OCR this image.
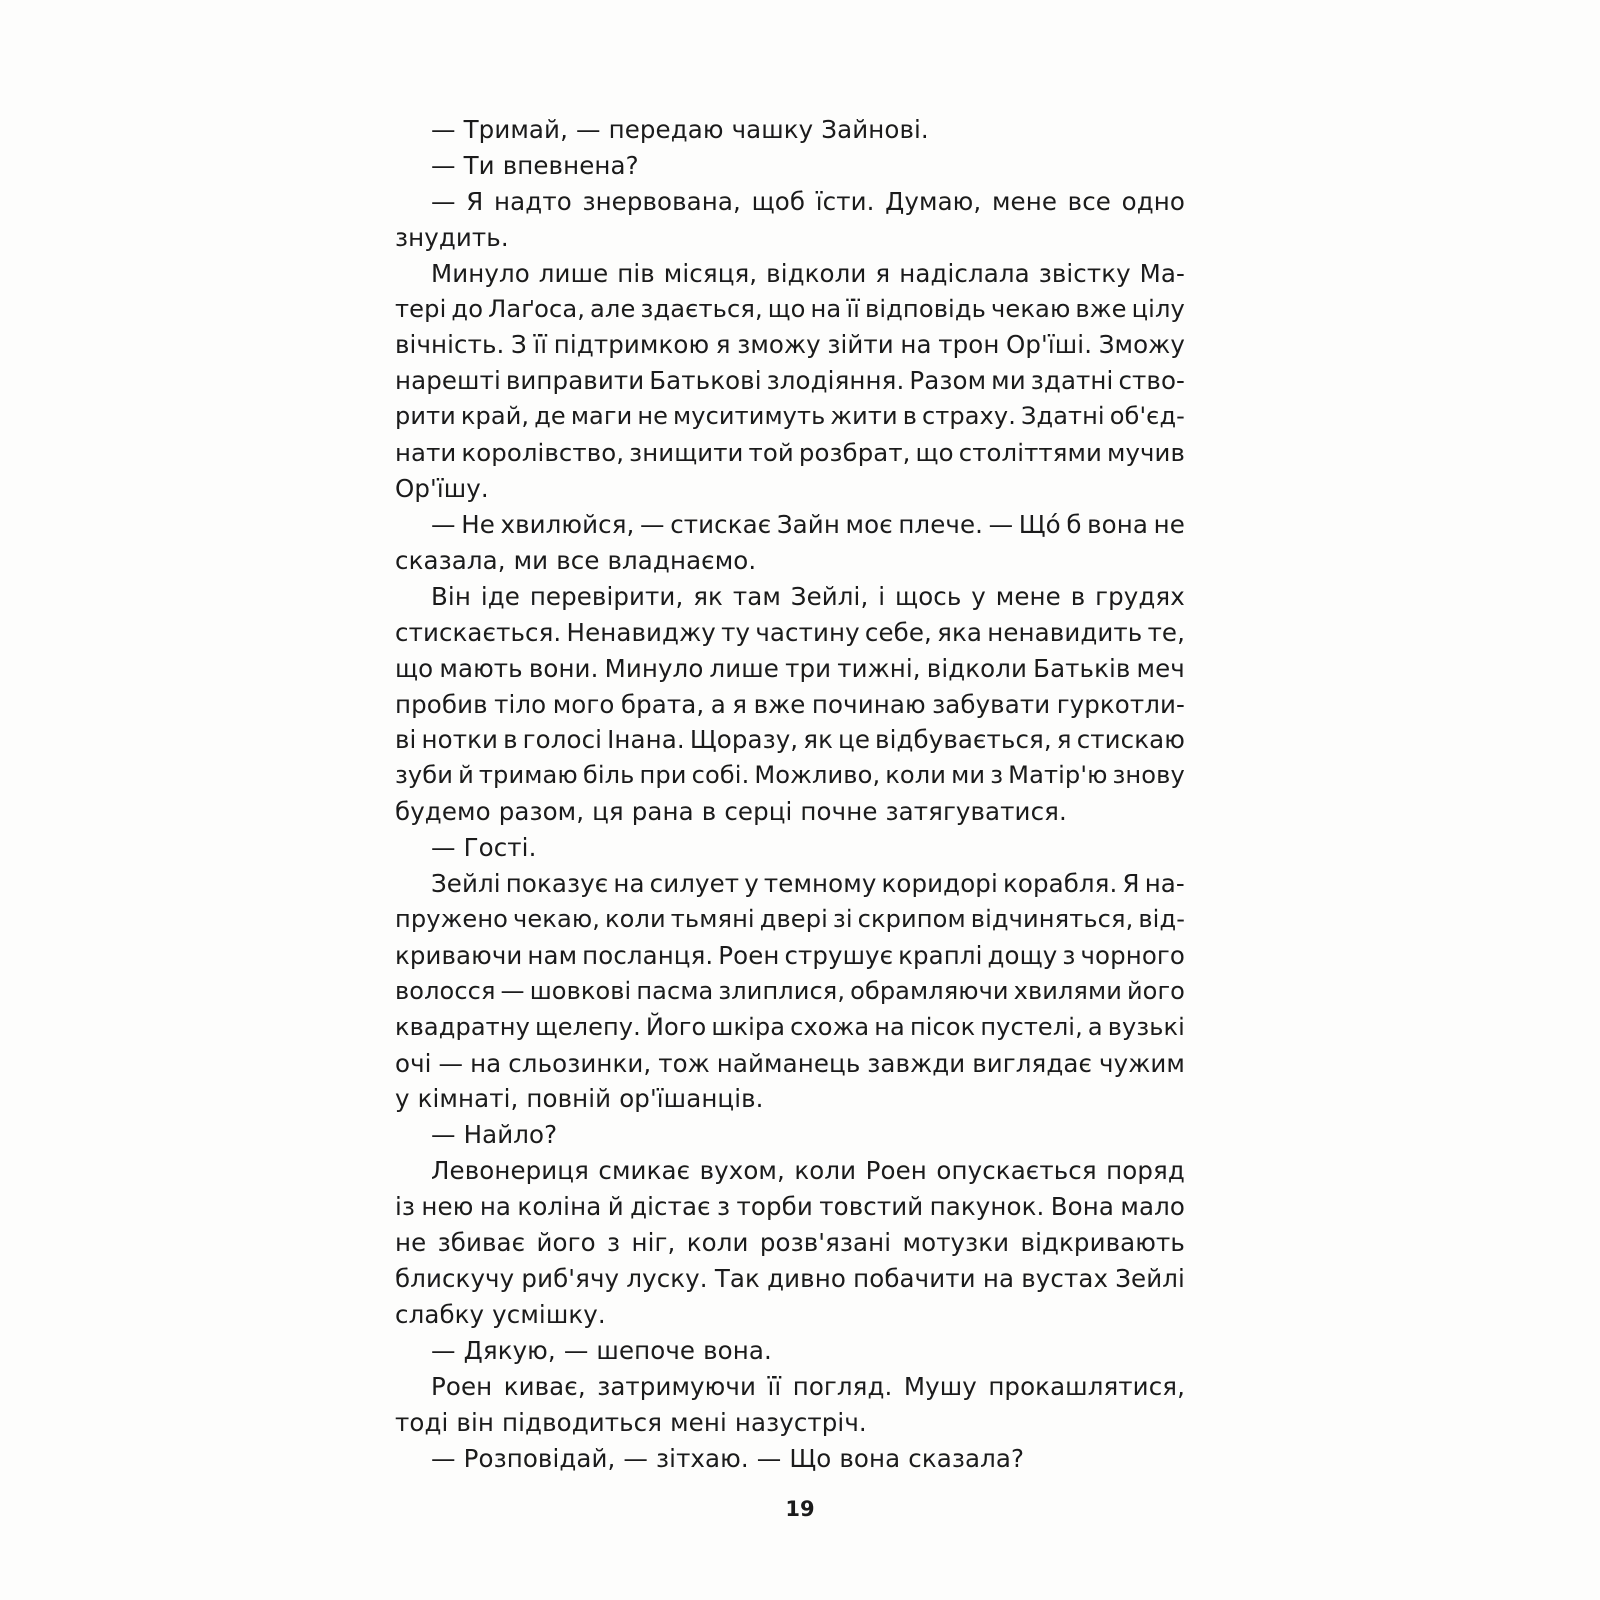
— Тримай, — передаю чашку Зайнові.
— Ти впевнена?
— Я надто знервована, щоб їсти. Думаю, мене все одно
знудить.
Минуло лише пів місяця, відколи я надіслала звістку Ма-
тері до Лаґоса, але здається, що на її відповідь чекаю вже цілу
вічність. З її підтримкою я зможу зійти на трон Ор'їші. Зможу
нарешті виправити Батькові злодіяння. Разом ми здатні ство-
рити край, де маги не муситимуть жити в страху. Здатні об'єд-
нати королівство, знищити той розбрат, що століттями мучив
Ор'їшу.
— Не хвилюйся, — стискає Зайн моє плече. — Щó б вона не
сказала, ми все владнаємо.
Він іде перевірити, як там Зейлі, і щось у мене в грудях
стискається. Ненавиджу ту частину себе, яка ненавидить те,
що мають вони. Минуло лише три тижні, відколи Батьків меч
пробив тіло мого брата, а я вже починаю забувати гуркотли-
ві нотки в голосі Інана. Щоразу, як це відбувається, я стискаю
зуби й тримаю біль при собі. Можливо, коли ми з Матір'ю знову
будемо разом, ця рана в серці почне затягуватися.
— Гості.
Зейлі показує на силует у темному коридорі корабля. Я на-
пружено чекаю, коли тьмяні двері зі скрипом відчиняться, від-
криваючи нам посланця. Роен струшує краплі дощу з чорного
волосся — шовкові пасма злиплися, обрамляючи хвилями його
квадратну щелепу. Його шкіра схожа на пісок пустелі, а вузькі
очі — на сльозинки, тож найманець завжди виглядає чужим
у кімнаті, повній ор'їшанців.
— Найло?
Левонериця смикає вухом, коли Роен опускається поряд
із нею на коліна й дістає з торби товстий пакунок. Вона мало
не збиває його з ніг, коли розв'язані мотузки відкривають
блискучу риб'ячу луску. Так дивно побачити на вустах Зейлі
слабку усмішку.
— Дякую, — шепоче вона.
Роен киває, затримуючи її погляд. Мушу прокашлятися,
тоді він підводиться мені назустріч.
— Розповідай, — зітхаю. — Що вона сказала?
19
